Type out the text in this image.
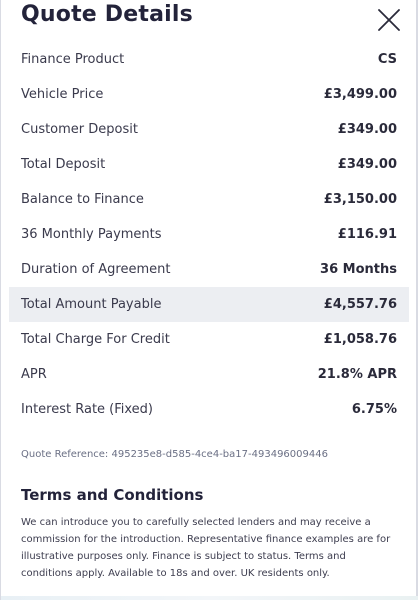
Quote Details
Finance Product	CS
Vehicle Price	£3,499.00
Customer Deposit	£349.00
Total Deposit	£349.00
Balance to Finance	£3,150.00
36 Monthly Payments	£116.91
Duration of Agreement	36 Months
Total Amount Payable	£4,557.76
Total Charge For Credit	£1,058.76
APR	21.8% APR
Interest Rate (Fixed)	6.75%
Quote Reference: 495235e8-d585-4ce4-ba17-493496009446
Terms and Conditions
We can introduce you to carefully selected lenders and may receive a commission for the introduction. Representative finance examples are for illustrative purposes only. Finance is subject to status. Terms and conditions apply. Available to 18s and over. UK residents only.
